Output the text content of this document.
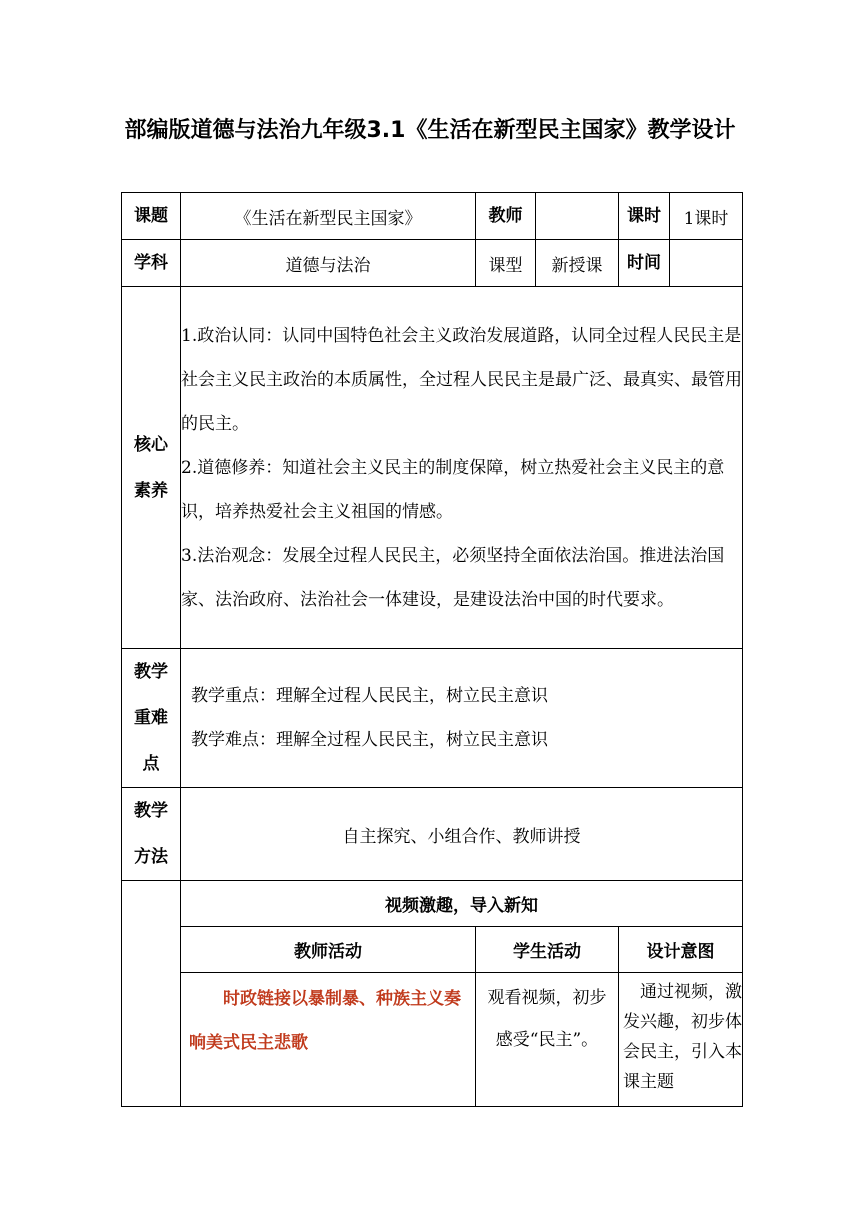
部编版道德与法治九年级3.1《生活在新型民主国家》教学设计
课题	《生活在新型民主国家》	教师		课时	1课时
学科	道德与法治	课型	新授课	时间	
核心素养	1.政治认同：认同中国特色社会主义政治发展道路，认同全过程人民民主是社会主义民主政治的本质属性，全过程人民民主是最广泛、最真实、最管用的民主。

2.道德修养：知道社会主义民主的制度保障，树立热爱社会主义民主的意识，培养热爱社会主义祖国的情感。

3.法治观念：发展全过程人民民主，必须坚持全面依法治国。推进法治国家、法治政府、法治社会一体建设，是建设法治中国的时代要求。				

教学重难点	教学重点：理解全过程人民民主，树立民主意识
教学难点：理解全过程人民民主，树立民主意识				

教学方法	自主探究、小组合作、教师讲授				
	视频激趣，导入新知				
	教师活动	学生活动		设计意图	

	时政链接以暴制暴、种族主义奏响美式民主悲歌	观看视频，初步感受“民主”。		通过视频，激发兴趣，初步体会民主，引入本课主题	
